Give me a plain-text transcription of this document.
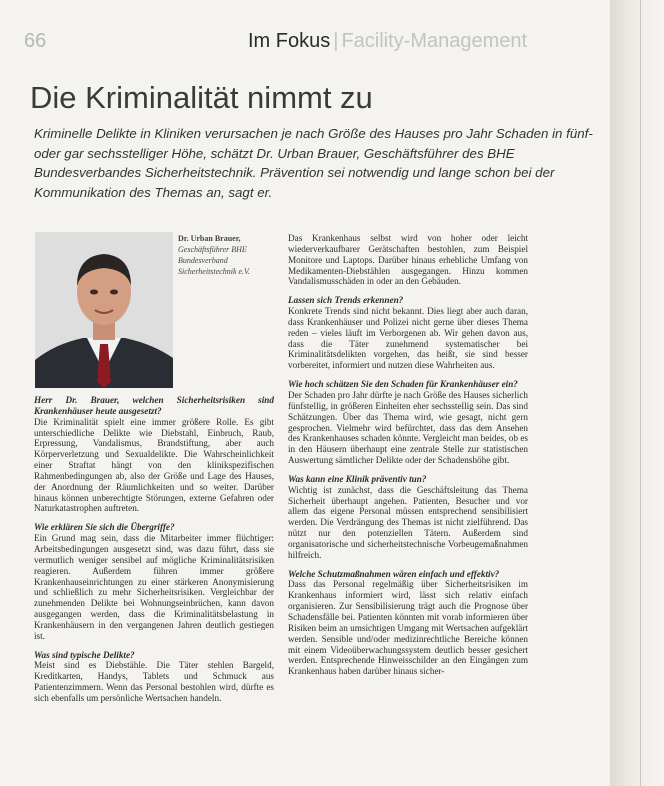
66	Im Fokus | Facility-Management
Die Kriminalität nimmt zu

Kriminelle Delikte in Kliniken verursachen je nach Größe des Hauses pro Jahr Schaden in fünf- oder gar sechsstelliger Höhe, schätzt Dr. Urban Brauer, Geschäftsführer des BHE Bundesverbandes Sicherheitstechnik. Prävention sei notwendig und lange schon bei der Kommunikation des Themas an, sagt er.

Dr. Urban Brauer,
Geschäftsführer BHE
Bundesverband
Sicherheitstechnik e.V.
Herr Dr. Brauer, welchen Sicherheitsrisiken sind Krankenhäuser heute ausgesetzt?

Die Kriminalität spielt eine immer größere Rolle. Es gibt unterschiedliche Delikte wie Diebstahl, Einbruch, Raub, Erpressung, Vandalismus, Brandstiftung, aber auch Körperverletzung und Sexualdelikte. Die Wahrscheinlichkeit einer Straftat hängt von den klinikspezifischen Rahmenbedingungen ab, also der Größe und Lage des Hauses, der Anordnung der Räumlichkeiten und so weiter. Darüber hinaus können unberechtigte Störungen, externe Gefahren oder Naturkatastrophen auftreten.

Wie erklären Sie sich die Übergriffe?

Ein Grund mag sein, dass die Mitarbeiter immer flüchtiger: Arbeitsbedingungen ausgesetzt sind, was dazu führt, dass sie vermutlich weniger sensibel auf mögliche Kriminalitätsrisiken reagieren. Außerdem führen immer größere Krankenhauseinrichtungen zu einer stärkeren Anonymisierung und schließlich zu mehr Sicherheitsrisiken. Vergleichbar der zunehmenden Delikte bei Wohnungseinbrüchen, kann davon ausgegangen werden, dass die Kriminalitätsbelastung in Krankenhäusern in den vergangenen Jahren deutlich gestiegen ist.

Was sind typische Delikte?

Meist sind es Diebstähle. Die Täter stehlen Bargeld, Kreditkarten, Handys, Tablets und Schmuck aus Patientenzimmern. Wenn das Personal bestohlen wird, dürfte es sich ebenfalls um persönliche Wertsachen handeln.

Das Krankenhaus selbst wird von hoher oder leicht wiederverkaufbarer Gerätschaften bestohlen, zum Beispiel Monitore und Laptops. Darüber hinaus erhebliche Umfang von Medikamenten-Diebstählen ausgegangen. Hinzu kommen Vandalismusschäden in oder an den Gebäuden.

Lassen sich Trends erkennen?

Konkrete Trends sind nicht bekannt. Dies liegt aber auch daran, dass Krankenhäuser und Polizei nicht gerne über dieses Thema reden – vieles läuft im Verborgenen ab. Wir gehen davon aus, dass die Täter zunehmend systematischer bei Kriminalitätsdelikten vorgehen, das heißt, sie sind besser vorbereitet, informiert und nutzen diese Wahrheiten aus.

Wie hoch schätzen Sie den Schaden für Krankenhäuser ein?

Der Schaden pro Jahr dürfte je nach Größe des Hauses sicherlich fünfstellig, in größeren Einheiten eher sechsstellig sein. Das sind Schätzungen. Über das Thema wird, wie gesagt, nicht gern gesprochen. Vielmehr wird befürchtet, dass das dem Ansehen des Krankenhauses schaden könnte. Vergleicht man beides, ob es in den Häusern überhaupt eine zentrale Stelle zur statistischen Auswertung sämtlicher Delikte oder der Schadenshöhe gibt.

Was kann eine Klinik präventiv tun?

Wichtig ist zunächst, dass die Geschäftsleitung das Thema Sicherheit überhaupt angehen. Patienten, Besucher und vor allem das eigene Personal müssen entsprechend sensibilisiert werden. Die Verdrängung des Themas ist nicht zielführend. Das nützt nur den potenziellen Tätern. Außerdem sind organisatorische und sicherheitstechnische Vorbeugemaßnahmen hilfreich.

Welche Schutzmaßnahmen wären einfach und effektiv?

Dass das Personal regelmäßig über Sicherheitsrisiken im Krankenhaus informiert wird, lässt sich relativ einfach organisieren. Zur Sensibilisierung trägt auch die Prognose über Schadensfälle bei. Patienten könnten mit vorab informieren über Risiken beim an umsichtigen Umgang mit Wertsachen aufgeklärt werden. Sensible und/oder medizinrechtliche Bereiche können mit einem Videoüberwachungssystem deutlich besser gesichert werden. Entsprechende Hinweisschilder an den Eingängen zum Krankenhaus haben darüber hinaus sicher-
